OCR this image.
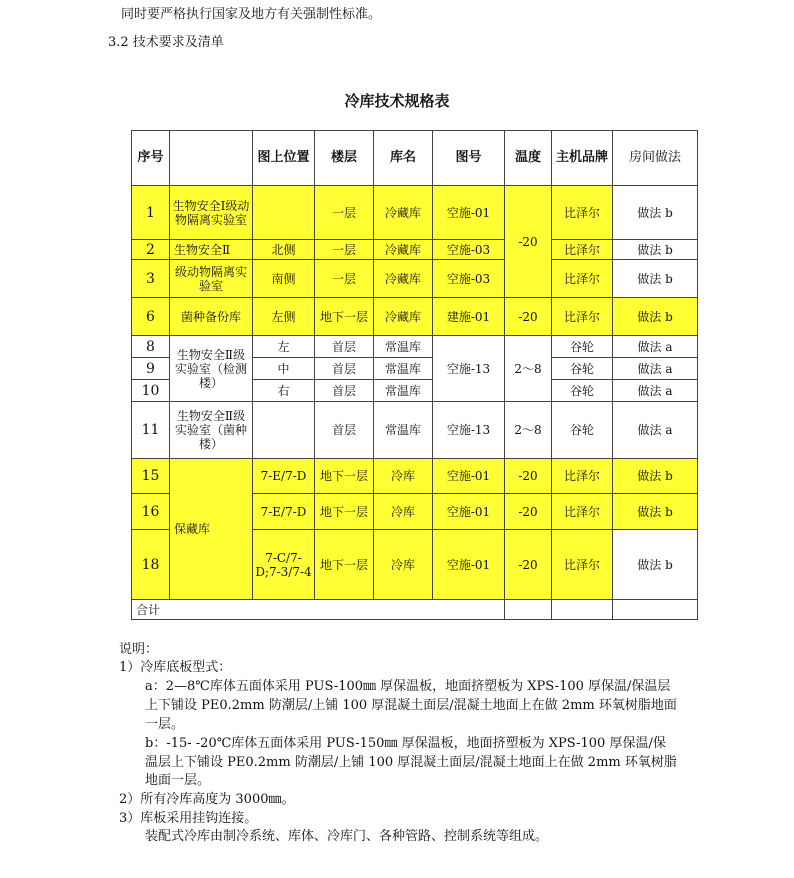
同时要严格执行国家及地方有关强制性标准。
3.2 技术要求及清单
冷库技术规格表
序号		图上位置	楼层	库名	图号	温度	主机品牌	房间做法
1	生物安全Ⅰ级动物隔离实验室		一层	冷藏库	空施-01	-20	比泽尔	做法 b
2	生物安全Ⅱ	北侧	一层	冷藏库	空施-03		比泽尔	做法 b
3	级动物隔离实验室	南侧	一层	冷藏库	空施-03		比泽尔	做法 b
6	菌种备份库	左侧	地下一层	冷藏库	建施-01	-20	比泽尔	做法 b
8	生物安全Ⅱ级实验室（检测楼）	左	首层	常温库	空施-13	2～8	谷轮	做法 a
9		中	首层	常温库			谷轮	做法 a
10		右	首层	常温库			谷轮	做法 a
11	生物安全Ⅱ级实验室（菌种楼）		首层	常温库	空施-13	2～8	谷轮	做法 a
15	保藏库	7-E/7-D	地下一层	冷库	空施-01	-20	比泽尔	做法 b
16		7-E/7-D	地下一层	冷库	空施-01	-20	比泽尔	做法 b
18		7-C/7-D;7-3/7-4	地下一层	冷库	空施-01	-20	比泽尔	做法 b
合计								
说明：
1）冷库底板型式：
a：2—8℃库体五面体采用 PUS-100㎜ 厚保温板，地面挤塑板为 XPS-100 厚保温/保温层
上下铺设 PE0.2mm 防潮层/上铺 100 厚混凝土面层/混凝土地面上在做 2mm 环氧树脂地面
一层。
b：-15- -20℃库体五面体采用 PUS-150㎜ 厚保温板，地面挤塑板为 XPS-100 厚保温/保
温层上下铺设 PE0.2mm 防潮层/上铺 100 厚混凝土面层/混凝土地面上在做 2mm 环氧树脂
地面一层。
2）所有冷库高度为 3000㎜。
3）库板采用挂钩连接。
装配式冷库由制冷系统、库体、冷库门、各种管路、控制系统等组成。
